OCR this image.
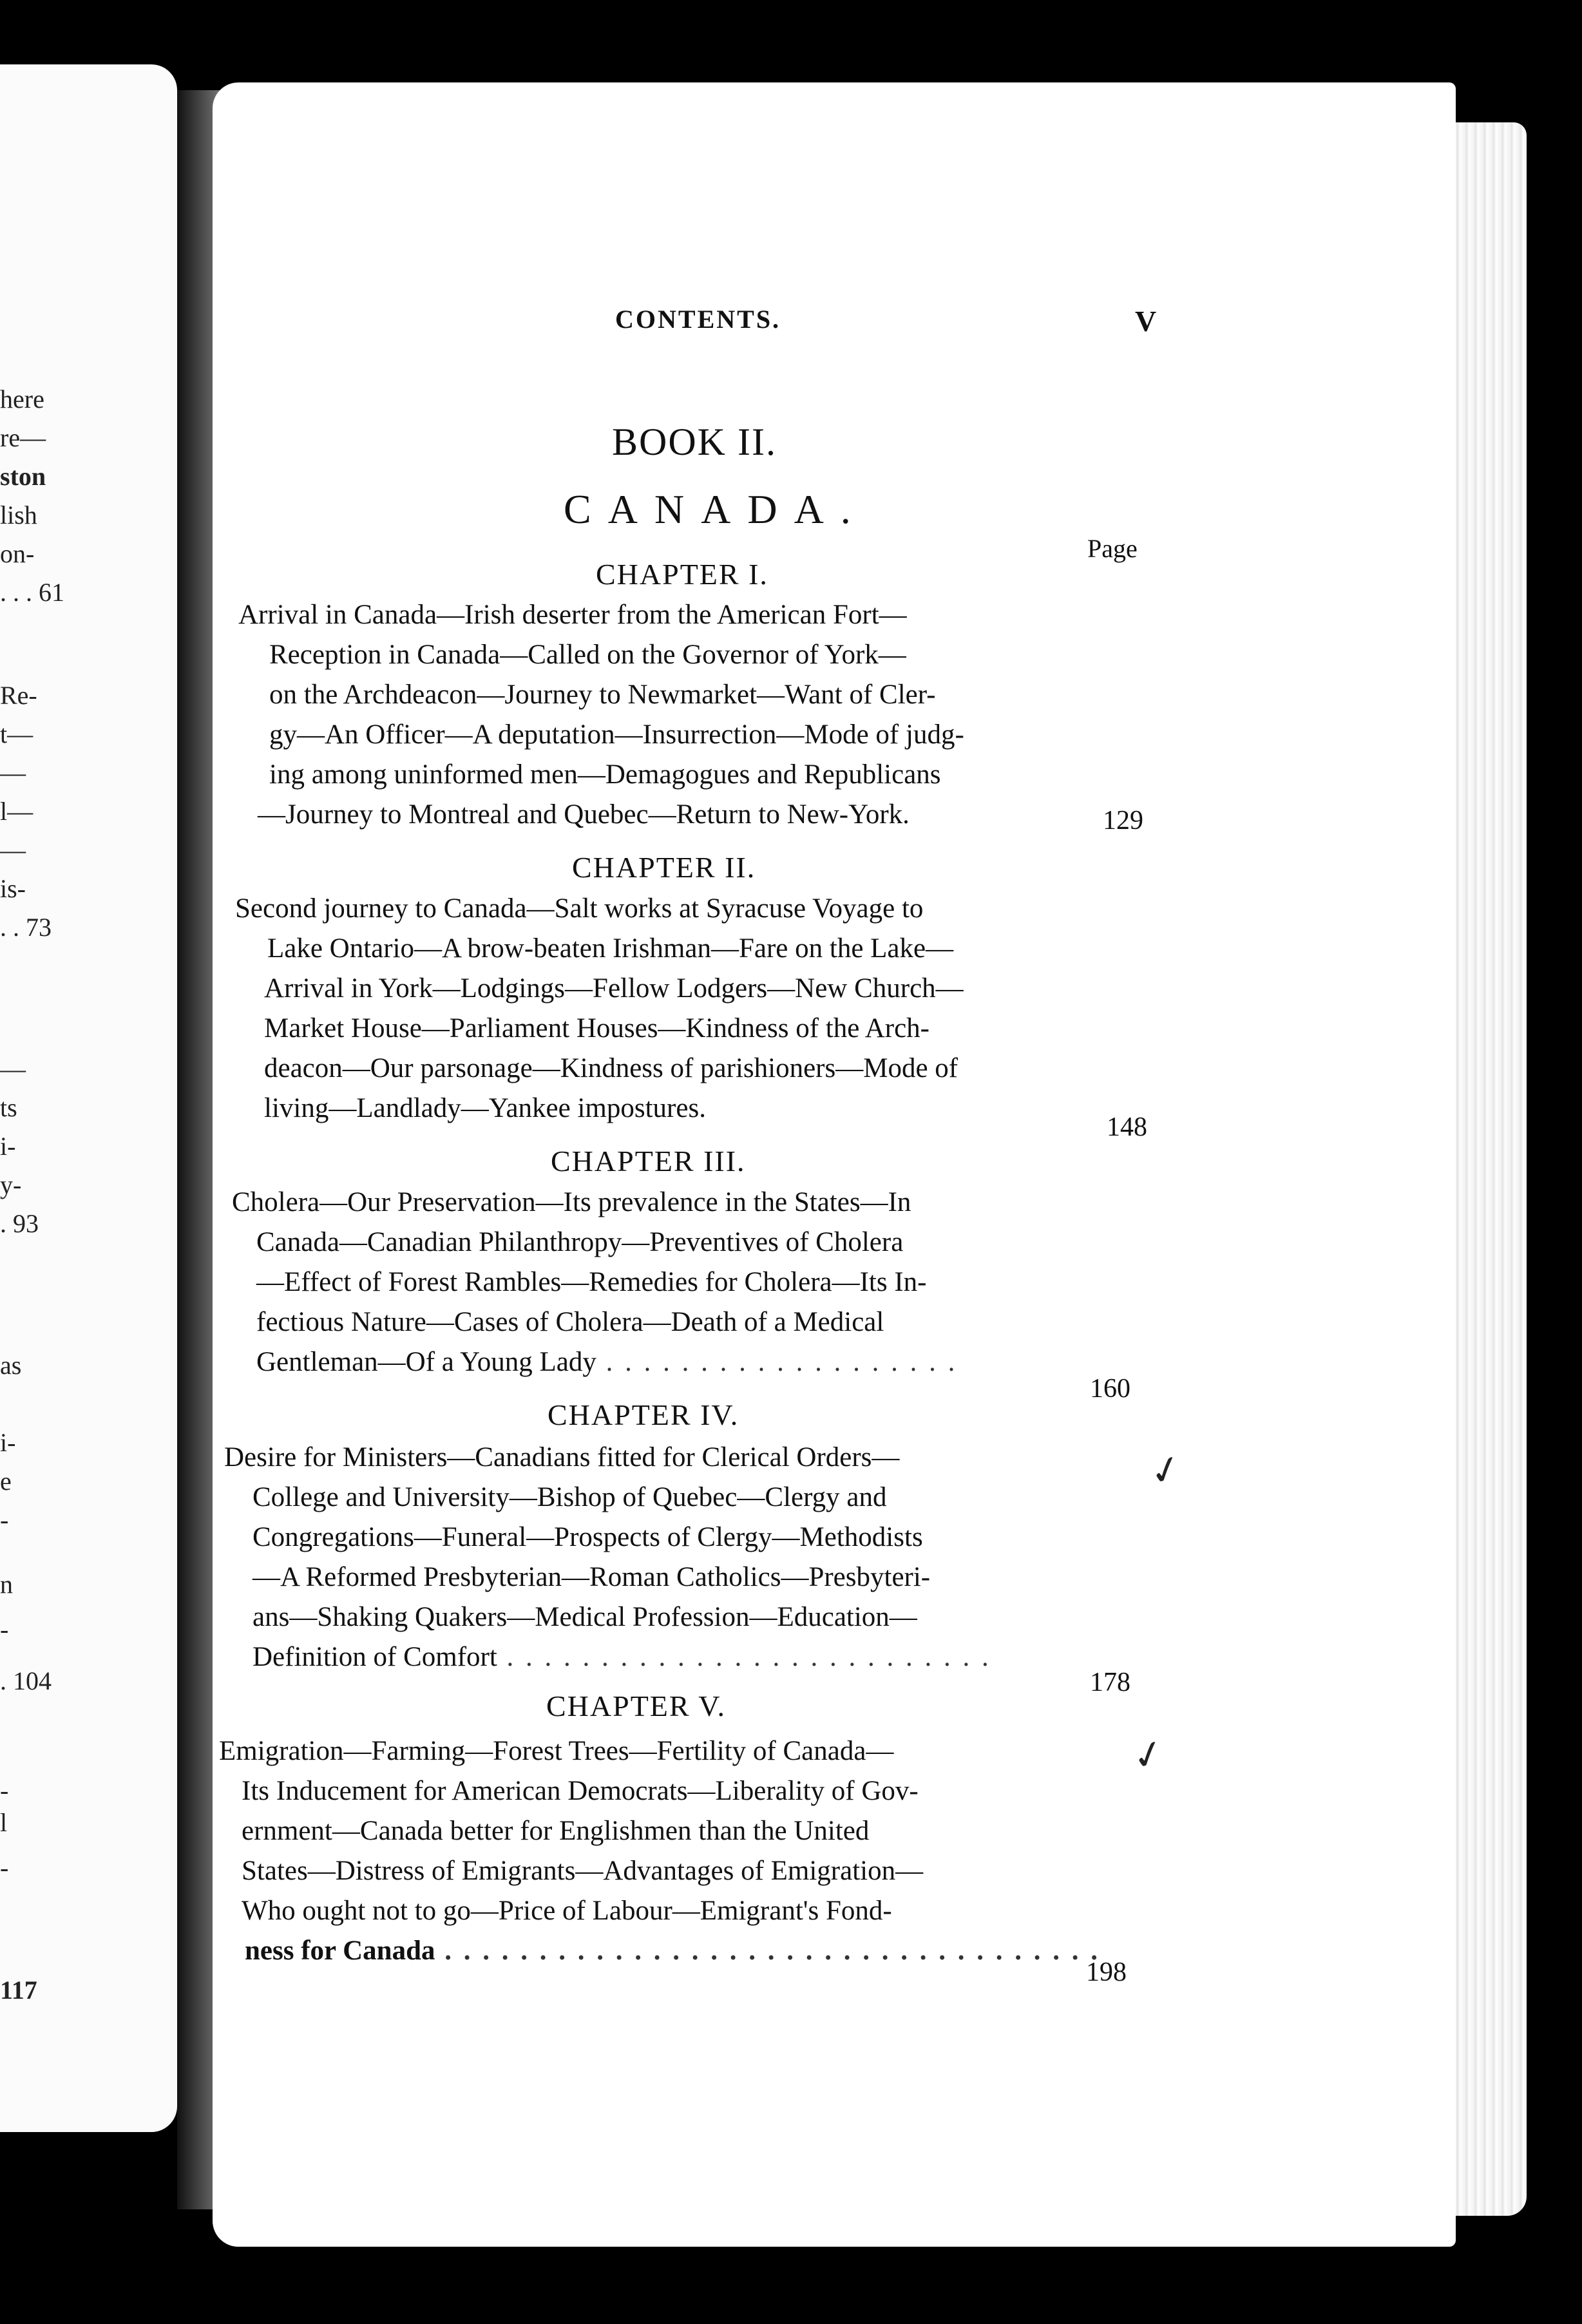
here
re—
ston
lish
on-
. . . 61
Re-
t—
—
l—
—
is-
. . 73
—
ts
i-
y-
. 93
as
i-
e
-
n
-
. 104
-
l
-
117
CONTENTS.	V
BOOK II.
CANADA.
Page
CHAPTER I.
Arrival in Canada—Irish deserter from the American Fort—
Reception in Canada—Called on the Governor of York—
on the Archdeacon—Journey to Newmarket—Want of Cler-
gy—An Officer—A deputation—Insurrection—Mode of judg-
ing among uninformed men—Demagogues and Republicans
—Journey to Montreal and Quebec—Return to New-York.	129
CHAPTER II.
Second journey to Canada—Salt works at Syracuse Voyage to
Lake Ontario—A brow-beaten Irishman—Fare on the Lake—
Arrival in York—Lodgings—Fellow Lodgers—New Church—
Market House—Parliament Houses—Kindness of the Arch-
deacon—Our parsonage—Kindness of parishioners—Mode of
living—Landlady—Yankee impostures.
148
CHAPTER III.
Cholera—Our Preservation—Its prevalence in the States—In
Canada—Canadian Philanthropy—Preventives of Cholera
—Effect of Forest Rambles—Remedies for Cholera—Its In-
fectious Nature—Cases of Cholera—Death of a Medical
Gentleman—Of a Young Lady . . . . . . . . . . . . . . . . . . .
160
CHAPTER IV.
Desire for Ministers—Canadians fitted for Clerical Orders—
College and University—Bishop of Quebec—Clergy and
Congregations—Funeral—Prospects of Clergy—Methodists
—A Reformed Presbyterian—Roman Catholics—Presbyteri-
ans—Shaking Quakers—Medical Profession—Education—
Definition of Comfort . . . . . . . . . . . . . . . . . . . . . . . . . .
178
CHAPTER V.
Emigration—Farming—Forest Trees—Fertility of Canada—
Its Inducement for American Democrats—Liberality of Gov-
ernment—Canada better for Englishmen than the United
States—Distress of Emigrants—Advantages of Emigration—
Who ought not to go—Price of Labour—Emigrant's Fond-
ness for Canada . . . . . . . . . . . . . . . . . . . . . . . . . . . . . . . . . . .
198
✓
✓
